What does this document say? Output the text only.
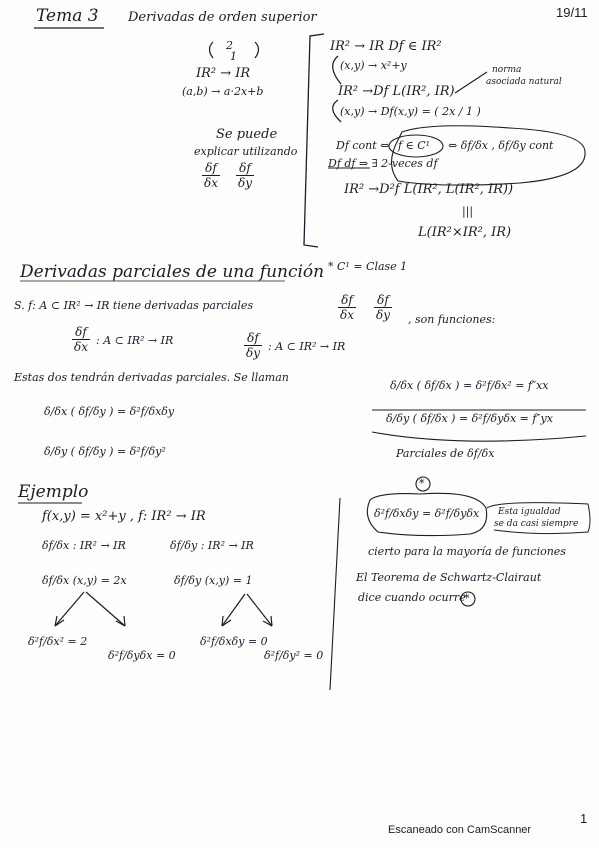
Tema 3 Derivadas de orden superior	19/11
2
1
IR² → IR
(a,b) → a·2x+b
Se puede
explicar utilizando
$\frac{\delta f}{\delta x} \frac{\delta f}{\delta y}$
IR² → IR Df ∈ IR²
(x,y) → x²+y	norma
asociada natural
IR² →Df L(IR², IR)
(x,y) → Df(x,y) = ( 2x / 1 )
Df cont ⇔ f ∈ C¹ ⇔ δf/δx , δf/δy cont
Df df ⇒ ∃ 2-veces df
IR² →D²f L(IR², L(IR², IR))
|||
L(IR²×IR², IR)
* C¹ = Clase 1
Derivadas parciales de una función
S. f: A ⊂ IR² → IR tiene derivadas parciales	$\frac{\delta f}{\delta x} \frac{\delta f}{\delta y}$ , son funciones:
$\frac{\delta f}{\delta x}$ : A ⊂ IR² → IR	$\frac{\delta f}{\delta y}$ : A ⊂ IR² → IR
Estas dos tendrán derivadas parciales. Se llaman
δ/δx ( δf/δx ) = δ²f/δx² = f″xx
δ/δy ( δf/δx ) = δ²f/δyδx = f″yx
δ/δx ( δf/δy ) = δ²f/δxδy
δ/δy ( δf/δy ) = δ²f/δy²	Parciales de δf/δx
Ejemplo
f(x,y) = x²+y , f: IR² → IR
δf/δx : IR² → IR	δf/δy : IR² → IR
δf/δx (x,y) = 2x	δf/δy (x,y) = 1
δ²f/δx² = 2
δ²f/δyδx = 0
δ²f/δxδy = 0
δ²f/δy² = 0
*
δ²f/δxδy = δ²f/δyδx Esta igualdad
se da casi siempre
cierto para la mayoría de funciones
El Teorema de Schwartz-Clairaut
dice cuando ocurre
*
1
Escaneado con CamScanner
